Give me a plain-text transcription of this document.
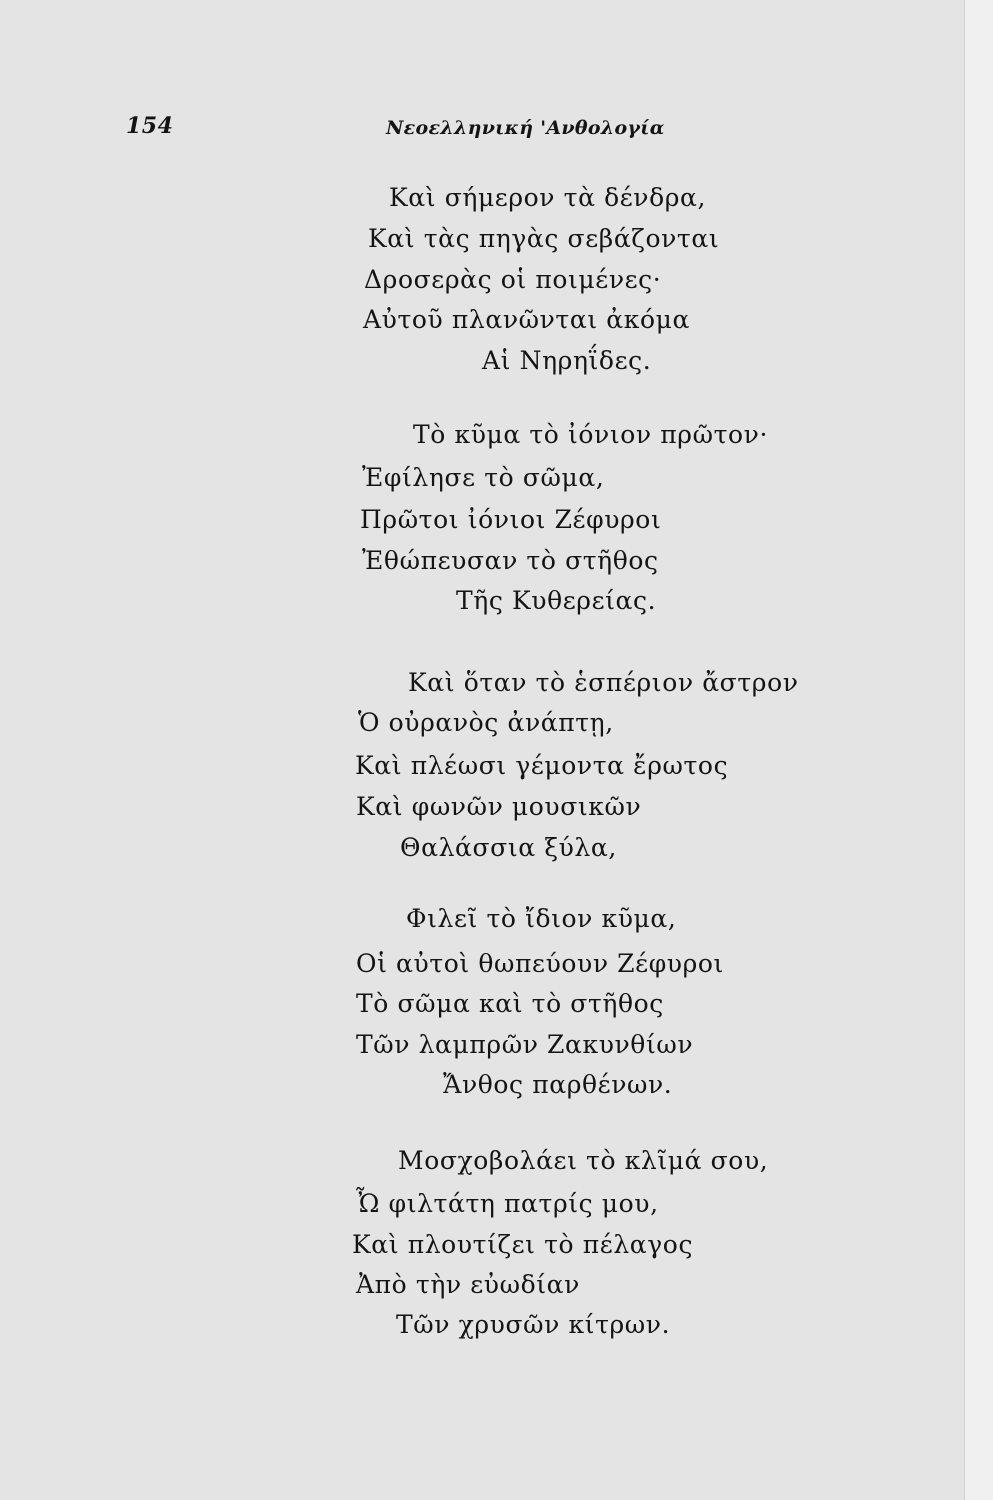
154	Νεοελληνική 'Ανθολογία
Καὶ σήμερον τὰ δένδρα,
Καὶ τὰς πηγὰς σεβάζονται
Δροσερὰς οἱ ποιμένες·
Αὐτοῦ πλανῶνται ἀκόμα
Αἱ Νηρηΐδες.
Τὸ κῦμα τὸ ἰόνιον πρῶτον·
Ἐφίλησε τὸ σῶμα,
Πρῶτοι ἰόνιοι Ζέφυροι
Ἐθώπευσαν τὸ στῆθος
Τῆς Κυθερείας.
Καὶ ὅταν τὸ ἑσπέριον ἄστρον
Ὁ οὐρανὸς ἀνάπτῃ,
Καὶ πλέωσι γέμοντα ἔρωτος
Καὶ φωνῶν μουσικῶν
Θαλάσσια ξύλα,
Φιλεῖ τὸ ἴδιον κῦμα,
Οἱ αὐτοὶ θωπεύουν Ζέφυροι
Τὸ σῶμα καὶ τὸ στῆθος
Τῶν λαμπρῶν Ζακυνθίων
Ἄνθος παρθένων.
Μοσχοβολάει τὸ κλῖμά σου,
Ὦ φιλτάτη πατρίς μου,
Καὶ πλουτίζει τὸ πέλαγος
Ἀπὸ τὴν εὐωδίαν
Τῶν χρυσῶν κίτρων.
